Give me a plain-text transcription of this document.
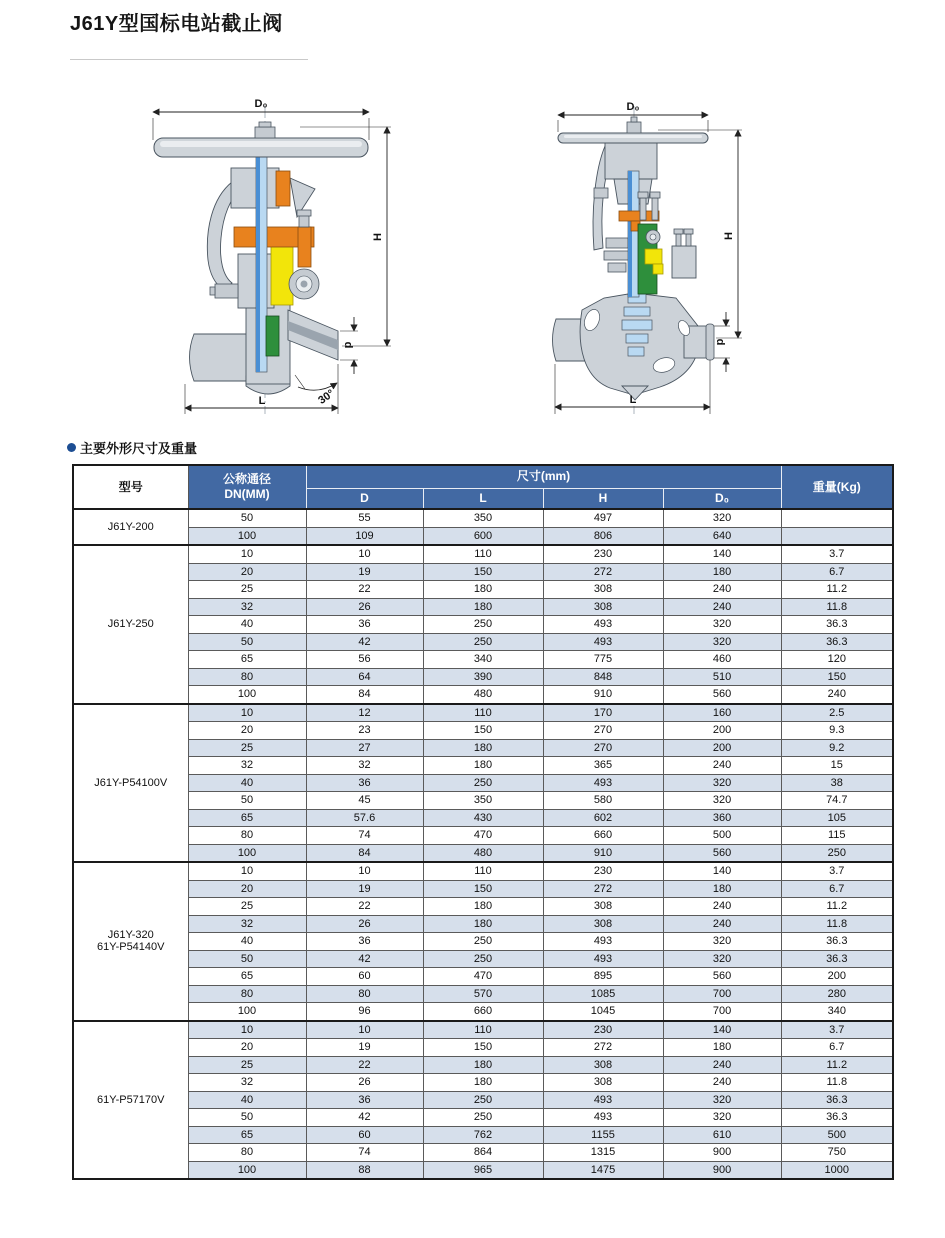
J61Y型国标电站截止阀
D₀
H
d
L	30°
D₀
H
d
L
主要外形尺寸及重量
型号	公称通径
DN(MM)	尺寸(mm)				重量(Kg)
		D	L	H	D₀	

J61Y-200	50	55	350	497	320	
	100	109	600	806	640	

J61Y-250	10	10	110	230	140	3.7
	20	19	150	272	180	6.7
	25	22	180	308	240	11.2
	32	26	180	308	240	11.8
	40	36	250	493	320	36.3
	50	42	250	493	320	36.3
	65	56	340	775	460	120
	80	64	390	848	510	150
	100	84	480	910	560	240

J61Y-P54100V	10	12	110	170	160	2.5
	20	23	150	270	200	9.3
	25	27	180	270	200	9.2
	32	32	180	365	240	15
	40	36	250	493	320	38
	50	45	350	580	320	74.7
	65	57.6	430	602	360	105
	80	74	470	660	500	115
	100	84	480	910	560	250

J61Y-320
61Y-P54140V	10	10	110	230	140	3.7
	20	19	150	272	180	6.7
	25	22	180	308	240	11.2
	32	26	180	308	240	11.8
	40	36	250	493	320	36.3
	50	42	250	493	320	36.3
	65	60	470	895	560	200
	80	80	570	1085	700	280
	100	96	660	1045	700	340

61Y-P57170V	10	10	110	230	140	3.7
	20	19	150	272	180	6.7
	25	22	180	308	240	11.2
	32	26	180	308	240	11.8
	40	36	250	493	320	36.3
	50	42	250	493	320	36.3
	65	60	762	1155	610	500
	80	74	864	1315	900	750
	100	88	965	1475	900	1000
